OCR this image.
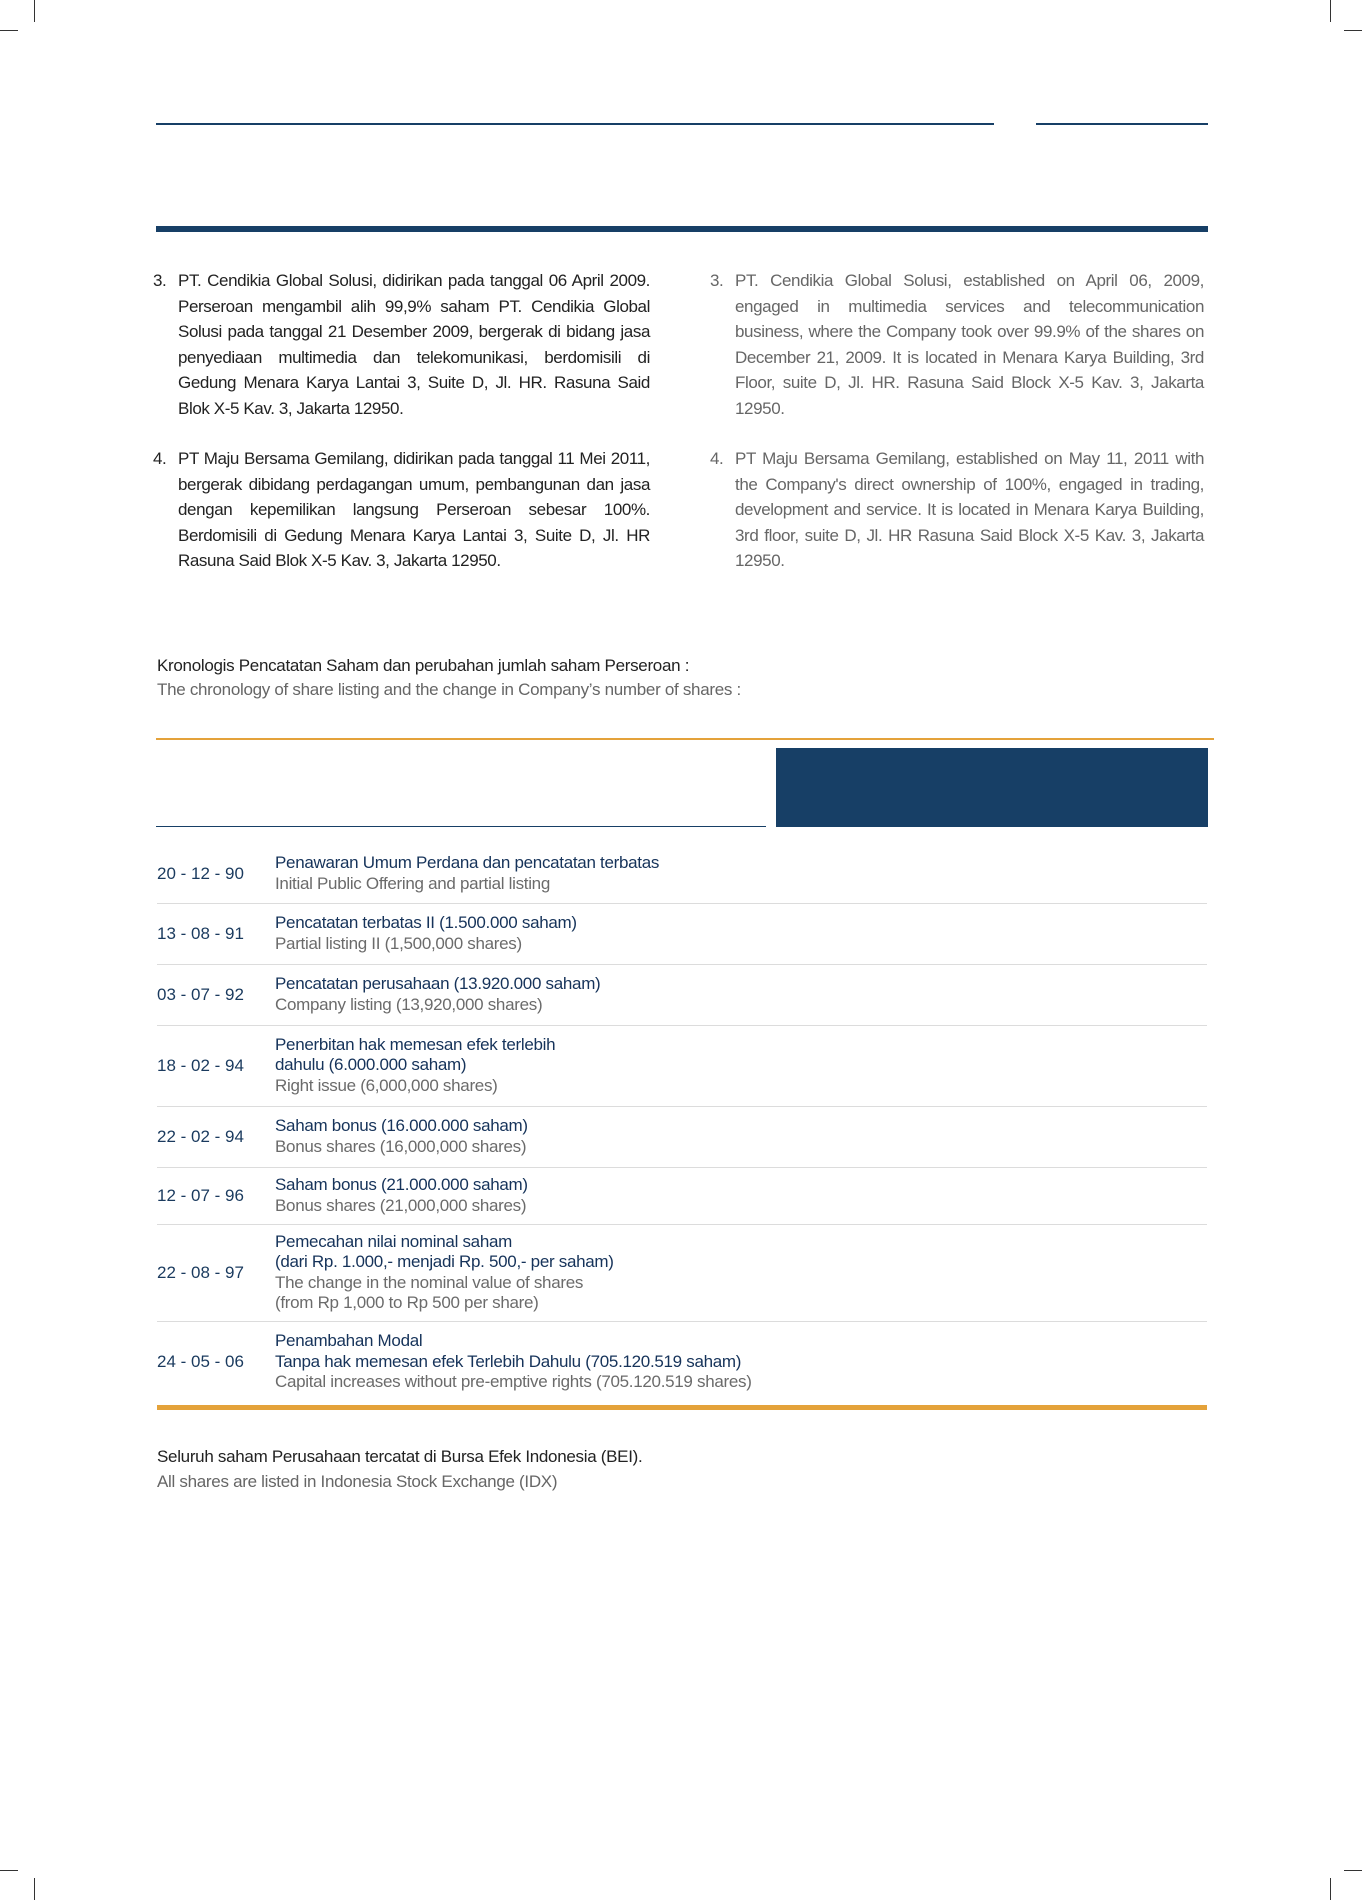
3. PT. Cendikia Global Solusi, didirikan pada tanggal 06 April 2009. Perseroan mengambil alih 99,9% saham PT. Cendikia Global Solusi pada tanggal 21 Desember 2009, bergerak di bidang jasa penyediaan multimedia dan telekomunikasi, berdomisili di Gedung Menara Karya Lantai 3, Suite D, Jl. HR. Rasuna Said Blok X-5 Kav. 3, Jakarta 12950.
4. PT Maju Bersama Gemilang, didirikan pada tanggal 11 Mei 2011, bergerak dibidang perdagangan umum, pembangunan dan jasa dengan kepemilikan langsung Perseroan sebesar 100%. Berdomisili di Gedung Menara Karya Lantai 3, Suite D, Jl. HR Rasuna Said Blok X-5 Kav. 3, Jakarta 12950.
3. PT. Cendikia Global Solusi, established on April 06, 2009, engaged in multimedia services and telecommunication business, where the Company took over 99.9% of the shares on December 21, 2009. It is located in Menara Karya Building, 3rd Floor, suite D, Jl. HR. Rasuna Said Block X-5 Kav. 3, Jakarta 12950.
4. PT Maju Bersama Gemilang, established on May 11, 2011 with the Company's direct ownership of 100%, engaged in trading, development and service. It is located in Menara Karya Building, 3rd floor, suite D, Jl. HR Rasuna Said Block X-5 Kav. 3, Jakarta 12950.
Kronologis Pencatatan Saham dan perubahan jumlah saham Perseroan :
The chronology of share listing and the change in Company’s number of shares :
20 - 12 - 90
Penawaran Umum Perdana dan pencatatan terbatas
Initial Public Offering and partial listing
13 - 08 - 91
Pencatatan terbatas II (1.500.000 saham)
Partial listing II (1,500,000 shares)
03 - 07 - 92
Pencatatan perusahaan (13.920.000 saham)
Company listing (13,920,000 shares)
18 - 02 - 94
Penerbitan hak memesan efek terlebih
dahulu (6.000.000 saham)
Right issue (6,000,000 shares)
22 - 02 - 94
Saham bonus (16.000.000 saham)
Bonus shares (16,000,000 shares)
12 - 07 - 96
Saham bonus (21.000.000 saham)
Bonus shares (21,000,000 shares)
22 - 08 - 97
Pemecahan nilai nominal saham
(dari Rp. 1.000,- menjadi Rp. 500,- per saham)
The change in the nominal value of shares
(from Rp 1,000 to Rp 500 per share)
24 - 05 - 06
Penambahan Modal
Tanpa hak memesan efek Terlebih Dahulu (705.120.519 saham)
Capital increases without pre-emptive rights (705.120.519 shares)
Seluruh saham Perusahaan tercatat di Bursa Efek Indonesia (BEI).
All shares are listed in Indonesia Stock Exchange (IDX)
